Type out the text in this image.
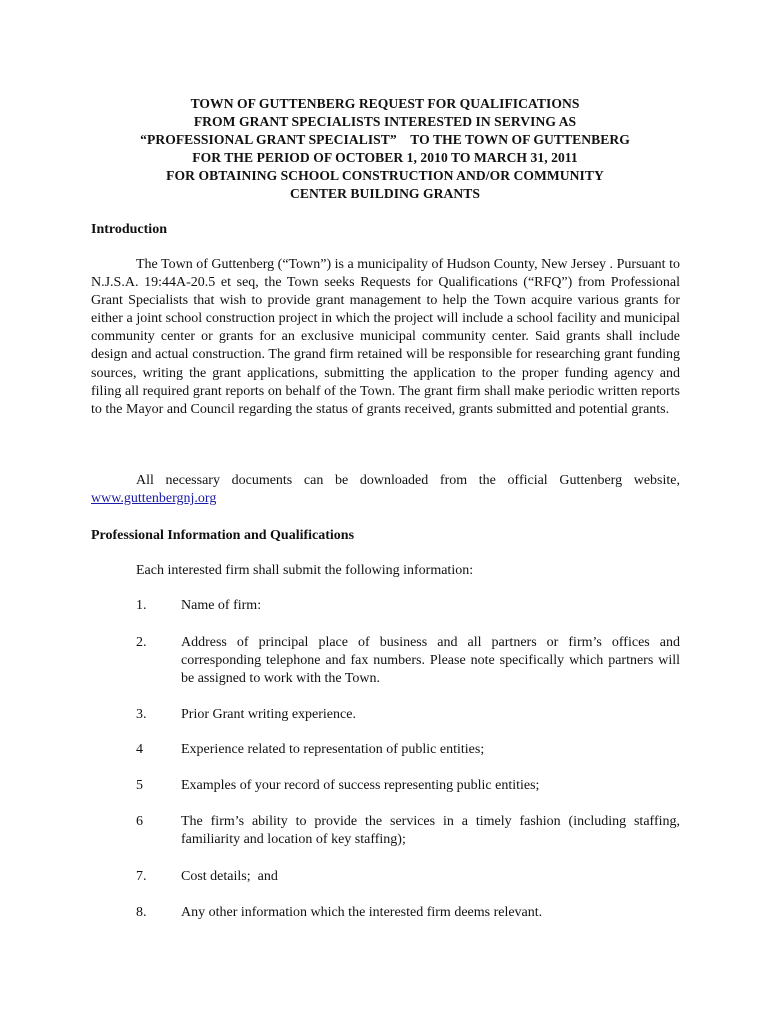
TOWN OF GUTTENBERG REQUEST FOR QUALIFICATIONS
FROM GRANT SPECIALISTS INTERESTED IN SERVING AS
“PROFESSIONAL GRANT SPECIALIST”    TO THE TOWN OF GUTTENBERG
FOR THE PERIOD OF OCTOBER 1, 2010 TO MARCH 31, 2011
FOR OBTAINING SCHOOL CONSTRUCTION AND/OR COMMUNITY
CENTER BUILDING GRANTS
Introduction
The Town of Guttenberg (“Town”) is a municipality of Hudson County, New Jersey . Pursuant to N.J.S.A. 19:44A-20.5 et seq, the Town seeks Requests for Qualifications (“RFQ”) from Professional Grant Specialists that wish to provide grant management to help the Town acquire various grants for either a joint school construction project in which the project will include a school facility and municipal community center or grants for an exclusive municipal community center. Said grants shall include design and actual construction. The grand firm retained will be responsible for researching grant funding sources, writing the grant applications, submitting the application to the proper funding agency and filing all required grant reports on behalf of the Town. The grant firm shall make periodic written reports to the Mayor and Council regarding the status of grants received, grants submitted and potential grants.
All necessary documents can be downloaded from the official Guttenberg website, www.guttenbergnj.org
Professional Information and Qualifications
Each interested firm shall submit the following information:
1.	Name of firm:
2.	Address of principal place of business and all partners or firm’s offices and corresponding telephone and fax numbers. Please note specifically which partners will be assigned to work with the Town.
3.	Prior Grant writing experience.
4	Experience related to representation of public entities;
5	Examples of your record of success representing public entities;
6	The firm’s ability to provide the services in a timely fashion (including staffing, familiarity and location of key staffing);
7.	Cost details;  and
8.	Any other information which the interested firm deems relevant.
